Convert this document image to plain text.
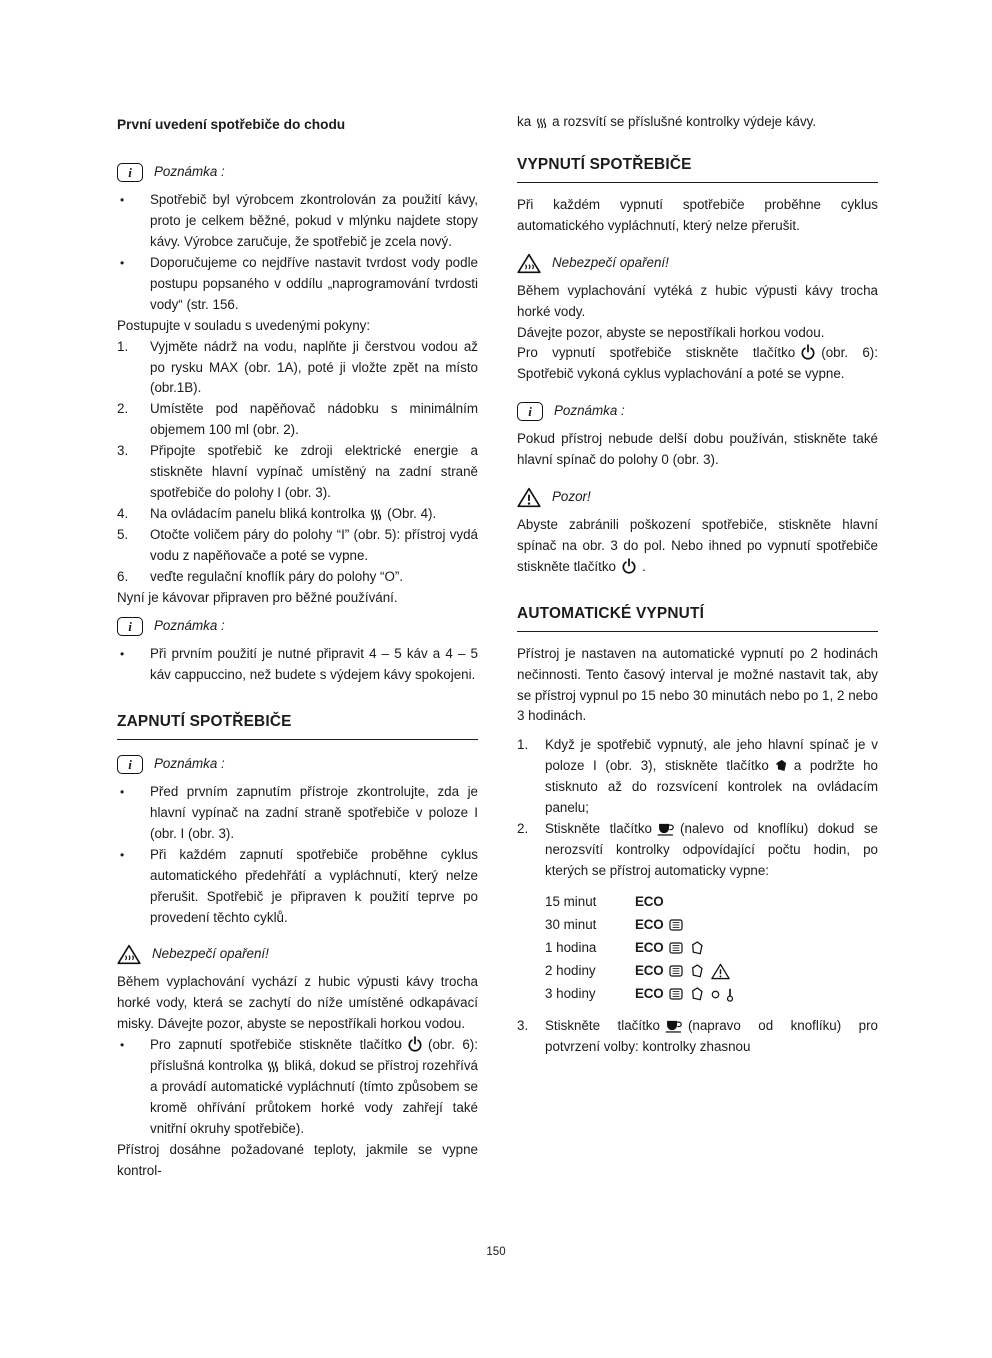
První uvedení spotřebiče do chodu
i Poznámka :
•
Spotřebič byl výrobcem zkontrolován za použití kávy, proto je celkem běžné, pokud v mlýnku najdete stopy kávy. Výrobce zaručuje, že spotřebič je zcela nový.
•
Doporučujeme co nejdříve nastavit tvrdost vody podle postupu popsaného v oddílu „naprogramování tvrdosti vody“ (str. 156.

Postupujte v souladu s uvedenými pokyny:

1.	Vyjměte nádrž na vodu, naplňte ji čerstvou vodou až po rysku MAX (obr. 1A), poté ji vložte zpět na místo (obr.1B).
2.	Umístěte pod napěňovač nádobku s minimálním objemem 100 ml (obr. 2).
3.	Připojte spotřebič ke zdroji elektrické energie a stiskněte hlavní vypínač umístěný na zadní straně spotřebiče do polohy I (obr. 3).
4.	Na ovládacím panelu bliká kontrolka (Obr. 4).
5.	Otočte voličem páry do polohy “I” (obr. 5): přístroj vydá vodu z napěňovače a poté se vypne.
6.	veďte regulační knoflík páry do polohy “O”.

Nyní je kávovar připraven pro běžné používání.

i Poznámka :
•
Při prvním použití je nutné připravit 4 – 5 káv a 4 – 5 káv cappuccino, než budete s výdejem kávy spokojeni.
ZAPNUTÍ SPOTŘEBIČE
i Poznámka :
•
Před prvním zapnutím přístroje zkontrolujte, zda je hlavní vypínač na zadní straně spotřebiče v poloze I (obr. I (obr. 3).
•
Při každém zapnutí spotřebiče proběhne cyklus automatického předehřátí a vypláchnutí, který nelze přerušit. Spotřebič je připraven k použití teprve po provedení těchto cyklů.
Nebezpečí opaření!

Během vyplachování vychází z hubic výpusti kávy trocha horké vody, která se zachytí do níže umístěné odkapávací misky. Dávejte pozor, abyste se nepostříkali horkou vodou.

•
Pro zapnutí spotřebiče stiskněte tlačítko (obr. 6): příslušná kontrolka bliká, dokud se přístroj rozehřívá a provádí automatické vypláchnutí (tímto způsobem se kromě ohřívání průtokem horké vody zahřejí také vnitřní okruhy spotřebiče).

Přístroj dosáhne požadované teploty, jakmile se vypne kontrol-

ka a rozsvítí se příslušné kontrolky výdeje kávy.

VYPNUTÍ SPOTŘEBIČE

Při každém vypnutí spotřebiče proběhne cyklus automatického vypláchnutí, který nelze přerušit.

Nebezpečí opaření!

Během vyplachování vytéká z hubic výpusti kávy trocha horké vody.

Dávejte pozor, abyste se nepostříkali horkou vodou.

Pro vypnutí spotřebiče stiskněte tlačítko (obr. 6): Spotřebič vykoná cyklus vyplachování a poté se vypne.

i Poznámka :

Pokud přístroj nebude delší dobu používán, stiskněte také hlavní spínač do polohy 0 (obr. 3).

Pozor!

Abyste zabránili poškození spotřebiče, stiskněte hlavní spínač na obr. 3 do pol. Nebo ihned po vypnutí spotřebiče stiskněte tlačítko .

AUTOMATICKÉ VYPNUTÍ

Přístroj je nastaven na automatické vypnutí po 2 hodinách nečinnosti. Tento časový interval je možné nastavit tak, aby se přístroj vypnul po 15 nebo 30 minutách nebo po 1, 2 nebo 3 hodinách.

1.	Když je spotřebič vypnutý, ale jeho hlavní spínač je v poloze I (obr. 3), stiskněte tlačítko a podržte ho stisknuto až do rozsvícení kontrolek na ovládacím panelu;
2.	Stiskněte tlačítko (nalevo od knoflíku) dokud se nerozsvítí kontrolky odpovídající počtu hodin, po kterých se přístroj automaticky vypne:
15 minut	ECO
30 minut	ECO
1 hodina	ECO
2 hodiny	ECO
3 hodiny	ECO
3.	Stiskněte tlačítko (napravo od knoflíku) pro potvrzení volby: kontrolky zhasnou
150
